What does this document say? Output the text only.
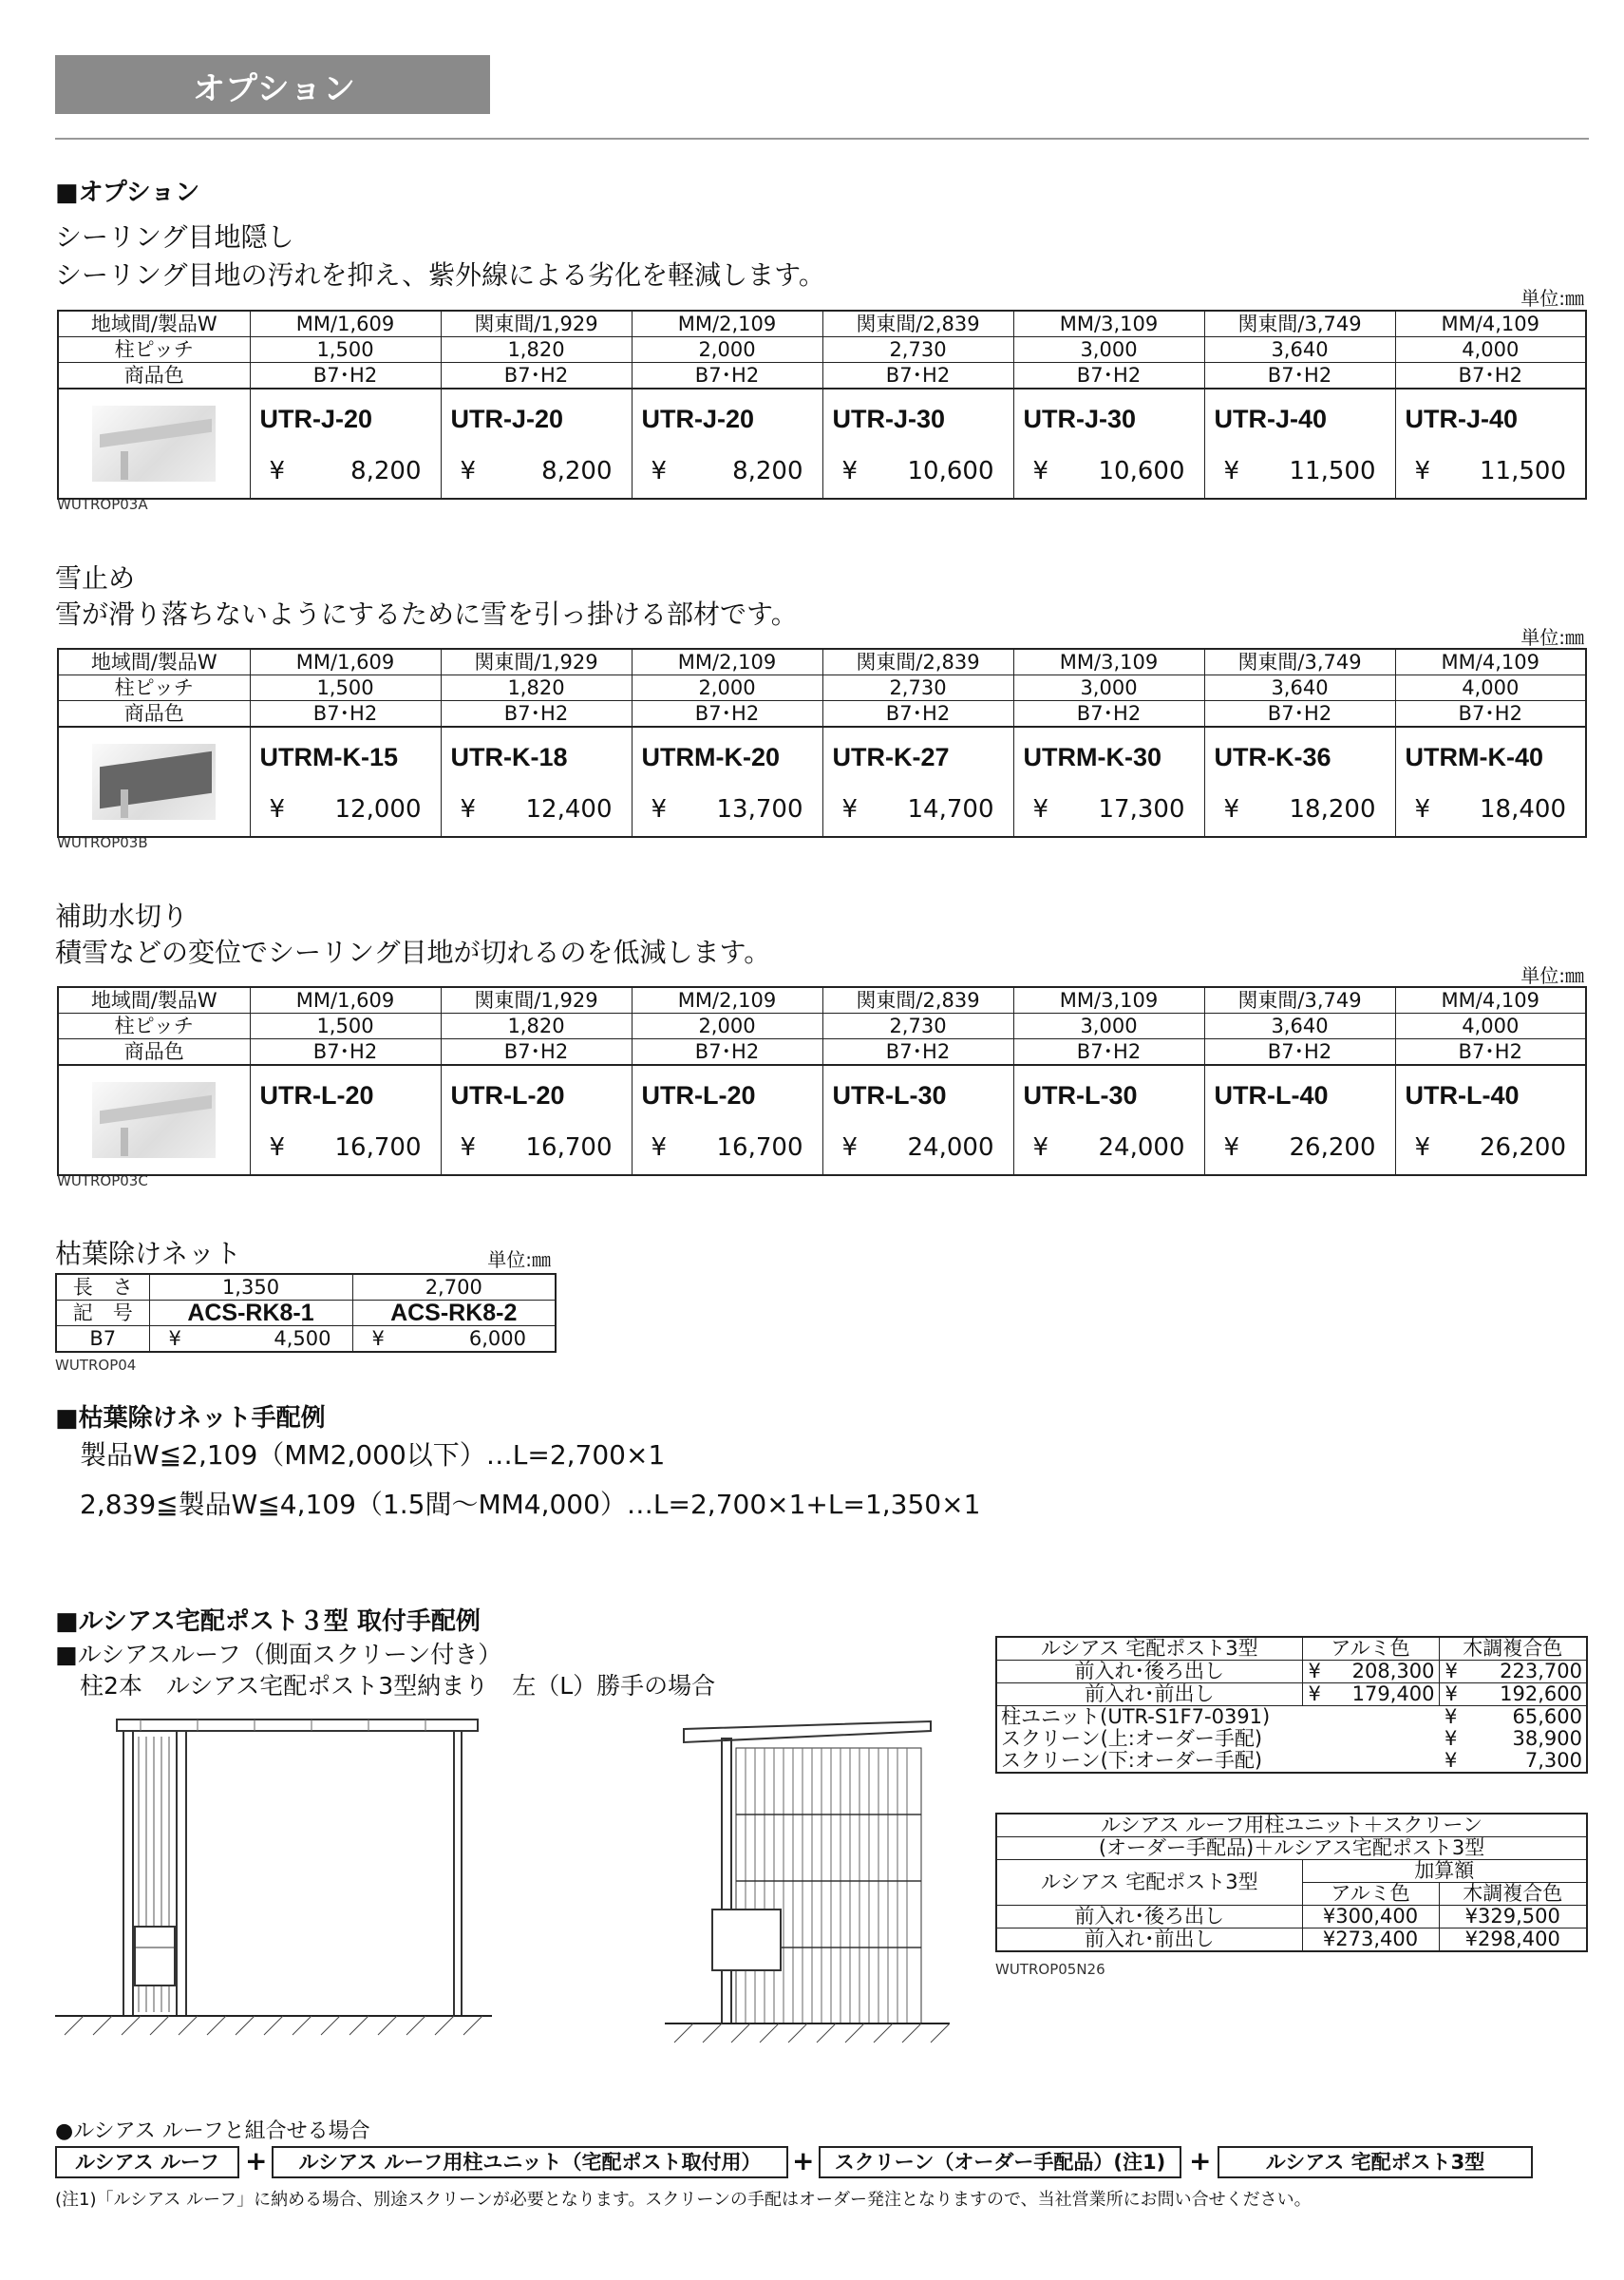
オプション
■オプション
シーリング目地隠し
シーリング目地の汚れを抑え、紫外線による劣化を軽減します。
単位:㎜
WUTROP03A
地域間/製品W	MM/1,609	関東間/1,929	MM/2,109	関東間/2,839	MM/3,109	関東間/3,749	MM/4,109
柱ピッチ	1,500	1,820	2,000	2,730	3,000	3,640	4,000
商品色	B7･H2	B7･H2	B7･H2	B7･H2	B7･H2	B7･H2	B7･H2

	UTR-J-20	UTR-J-20	UTR-J-20	UTR-J-30	UTR-J-30	UTR-J-40	UTR-J-40

	¥ 8,200	¥ 8,200	¥ 8,200	¥ 10,600	¥ 10,600	¥ 11,500	¥ 11,500
雪止め
雪が滑り落ちないようにするために雪を引っ掛ける部材です。
単位:㎜
WUTROP03B
地域間/製品W	MM/1,609	関東間/1,929	MM/2,109	関東間/2,839	MM/3,109	関東間/3,749	MM/4,109
柱ピッチ	1,500	1,820	2,000	2,730	3,000	3,640	4,000
商品色	B7･H2	B7･H2	B7･H2	B7･H2	B7･H2	B7･H2	B7･H2

	UTRM-K-15	UTR-K-18	UTRM-K-20	UTR-K-27	UTRM-K-30	UTR-K-36	UTRM-K-40

	¥ 12,000	¥ 12,400	¥ 13,700	¥ 14,700	¥ 17,300	¥ 18,200	¥ 18,400
補助水切り
積雪などの変位でシーリング目地が切れるのを低減します。
単位:㎜
WUTROP03C
地域間/製品W	MM/1,609	関東間/1,929	MM/2,109	関東間/2,839	MM/3,109	関東間/3,749	MM/4,109
柱ピッチ	1,500	1,820	2,000	2,730	3,000	3,640	4,000
商品色	B7･H2	B7･H2	B7･H2	B7･H2	B7･H2	B7･H2	B7･H2

	UTR-L-20	UTR-L-20	UTR-L-20	UTR-L-30	UTR-L-30	UTR-L-40	UTR-L-40

	¥ 16,700	¥ 16,700	¥ 16,700	¥ 24,000	¥ 24,000	¥ 26,200	¥ 26,200
枯葉除けネット	単位:㎜
長　さ	1,350	2,700
記　号	ACS-RK8-1	ACS-RK8-2
B7	¥ 4,500	¥ 6,000

WUTROP04
■枯葉除けネット手配例
製品W≦2,109（MM2,000以下）…L=2,700×1
2,839≦製品W≦4,109（1.5間～MM4,000）…L=2,700×1+L=1,350×1
■ルシアス宅配ポスト３型 取付手配例
■ルシアスルーフ（側面スクリーン付き）
柱2本　ルシアス宅配ポスト3型納まり　左（L）勝手の場合
ルシアス 宅配ポスト3型	アルミ色	木調複合色
前入れ･後ろ出し	¥ 208,300	¥ 223,700
前入れ･前出し	¥ 179,400	¥ 192,600
柱ユニット(UTR-S1F7-0391)		¥ 65,600
スクリーン(上:オーダー手配)		¥ 38,900
スクリーン(下:オーダー手配)		¥ 7,300
ルシアス ルーフ用柱ユニット＋スクリーン		
(オーダー手配品)＋ルシアス宅配ポスト3型		
ルシアス 宅配ポスト3型	加算額	
	アルミ色	木調複合色
前入れ･後ろ出し	¥300,400	¥329,500
前入れ･前出し	¥273,400	¥298,400
WUTROP05N26
●ルシアス ルーフと組合せる場合
ルシアス ルーフ +	ルシアス ルーフ用柱ユニット（宅配ポスト取付用）	+	スクリーン（オーダー手配品）(注1) +	ルシアス 宅配ポスト3型
(注1)「ルシアス ルーフ」に納める場合、別途スクリーンが必要となります。スクリーンの手配はオーダー発注となりますので、当社営業所にお問い合せください。
